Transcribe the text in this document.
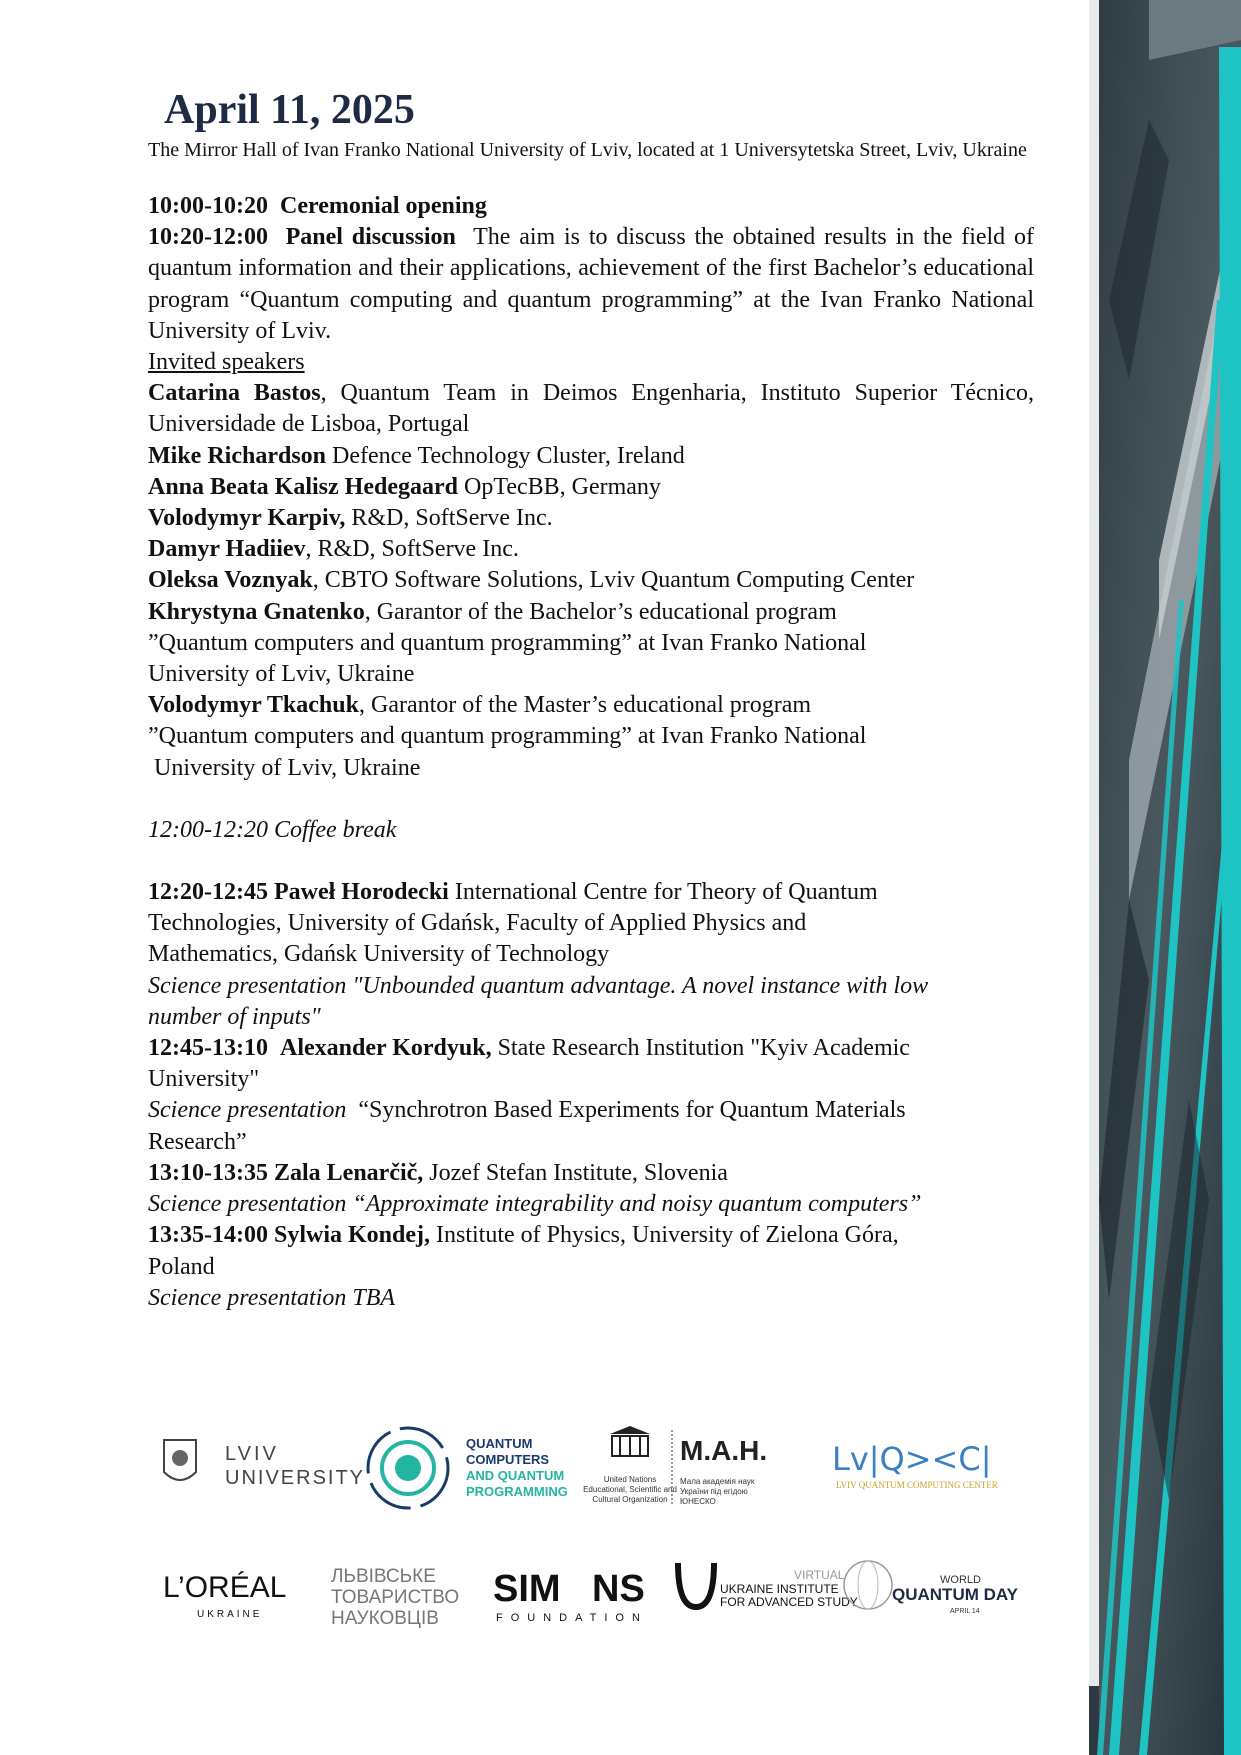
April 11, 2025
The Mirror Hall of Ivan Franko National University of Lviv, located at 1 Universytetska Street, Lviv, Ukraine

10:00-10:20 Ceremonial opening

10:20-12:00 Panel discussion The aim is to discuss the obtained results in the field of quantum information and their applications, achievement of the first Bachelor’s educational program “Quantum computing and quantum programming” at the Ivan Franko National University of Lviv.

Invited speakers

Catarina Bastos, Quantum Team in Deimos Engenharia, Instituto Superior Técnico, Universidade de Lisboa, Portugal

Mike Richardson Defence Technology Cluster, Ireland

Anna Beata Kalisz Hedegaard OpTecBB, Germany

Volodymyr Karpiv, R&D, SoftServe Inc.

Damyr Hadiiev, R&D, SoftServe Inc.

Oleksa Voznyak, CBTO Software Solutions, Lviv Quantum Computing Center

Khrystyna Gnatenko, Garantor of the Bachelor’s educational program
”Quantum computers and quantum programming” at Ivan Franko National
University of Lviv, Ukraine

Volodymyr Tkachuk, Garantor of the Master’s educational program
”Quantum computers and quantum programming” at Ivan Franko National
University of Lviv, Ukraine

12:00-12:20 Coffee break

12:20-12:45 Paweł Horodecki International Centre for Theory of Quantum
Technologies, University of Gdańsk, Faculty of Applied Physics and
Mathematics, Gdańsk University of Technology

Science presentation "Unbounded quantum advantage. A novel instance with low
number of inputs"

12:45-13:10 Alexander Kordyuk, State Research Institution "Kyiv Academic
University"

Science presentation “Synchrotron Based Experiments for Quantum Materials
Research”

13:10-13:35 Zala Lenarčič, Jozef Stefan Institute, Slovenia

Science presentation “Approximate integrability and noisy quantum computers”

13:35-14:00 Sylwia Kondej, Institute of Physics, University of Zielona Góra,
Poland

Science presentation TBA

LVIV
UNIVERSITY
QUANTUM
COMPUTERS
AND QUANTUM
PROGRAMMING
United Nations
Educational, Scientific and
Cultural Organization
М.А.Н.
Мала академія наук
України під егідою
ЮНЕСКО
Lv|Q><C|
LVIV QUANTUM COMPUTING CENTER
L’ORÉAL
UKRAINE
ЛЬВІВСЬКЕ
ТОВАРИСТВО
НАУКОВЦІВ
SIM NS
FOUNDATION
UIAS	VIRTUAL
UKRAINE INSTITUTE
FOR ADVANCED STUDY
WORLD
QUANTUM DAY
APRIL 14
